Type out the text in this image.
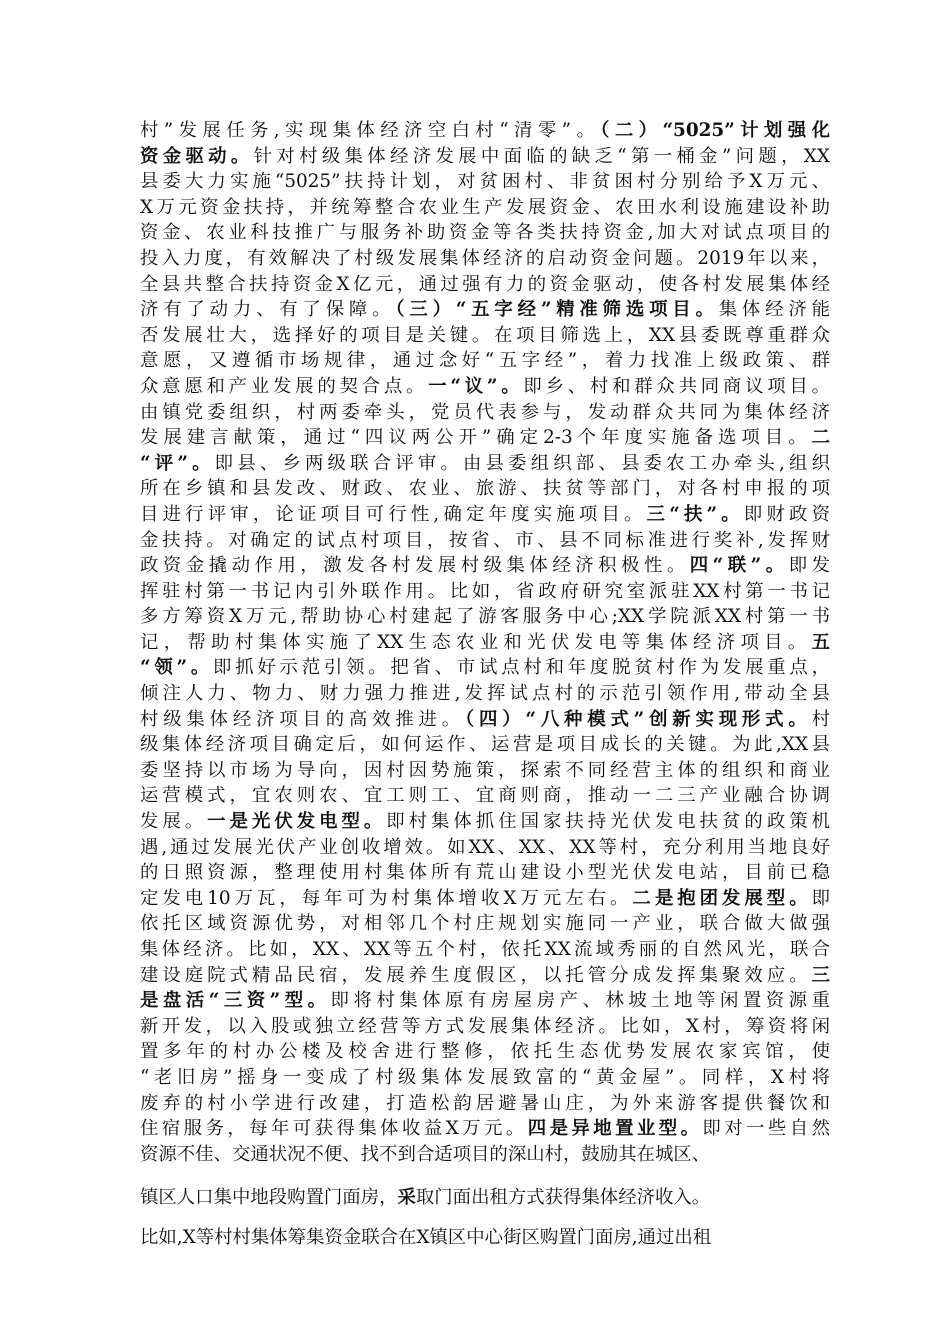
村”发展任务,实现集体经济空白村“清零”。（二）“5025”计划强化
资金驱动。针对村级集体经济发展中面临的缺乏“第一桶金”问题，XX
县委大力实施“5025”扶持计划，对贫困村、非贫困村分别给予X万元、
X万元资金扶持，并统筹整合农业生产发展资金、农田水利设施建设补助
资金、农业科技推广与服务补助资金等各类扶持资金,加大对试点项目的
投入力度，有效解决了村级发展集体经济的启动资金问题。2019年以来，
全县共整合扶持资金X亿元，通过强有力的资金驱动，使各村发展集体经
济有了动力、有了保障。（三）“五字经”精准筛选项目。集体经济能
否发展壮大，选择好的项目是关键。在项目筛选上，XX县委既尊重群众
意愿，又遵循市场规律，通过念好“五字经”，着力找准上级政策、群
众意愿和产业发展的契合点。一“议”。即乡、村和群众共同商议项目。
由镇党委组织，村两委牵头，党员代表参与，发动群众共同为集体经济
发展建言献策，通过“四议两公开”确定2-3个年度实施备选项目。二
“评”。即县、乡两级联合评审。由县委组织部、县委农工办牵头,组织
所在乡镇和县发改、财政、农业、旅游、扶贫等部门，对各村申报的项
目进行评审，论证项目可行性,确定年度实施项目。三“扶”。即财政资
金扶持。对确定的试点村项目，按省、市、县不同标准进行奖补,发挥财
政资金撬动作用，激发各村发展村级集体经济积极性。四“联”。即发
挥驻村第一书记内引外联作用。比如，省政府研究室派驻XX村第一书记
多方筹资X万元,帮助协心村建起了游客服务中心;XX学院派XX村第一书
记，帮助村集体实施了XX生态农业和光伏发电等集体经济项目。五
“领”。即抓好示范引领。把省、市试点村和年度脱贫村作为发展重点，
倾注人力、物力、财力强力推进,发挥试点村的示范引领作用,带动全县
村级集体经济项目的高效推进。（四）“八种模式”创新实现形式。村
级集体经济项目确定后，如何运作、运营是项目成长的关键。为此,XX县
委坚持以市场为导向，因村因势施策，探索不同经营主体的组织和商业
运营模式，宜农则农、宜工则工、宜商则商，推动一二三产业融合协调
发展。一是光伏发电型。即村集体抓住国家扶持光伏发电扶贫的政策机
遇,通过发展光伏产业创收增效。如XX、XX、XX等村，充分利用当地良好
的日照资源，整理使用村集体所有荒山建设小型光伏发电站，目前已稳
定发电10万瓦，每年可为村集体增收X万元左右。二是抱团发展型。即
依托区域资源优势，对相邻几个村庄规划实施同一产业，联合做大做强
集体经济。比如，XX、XX等五个村，依托XX流域秀丽的自然风光，联合
建设庭院式精品民宿，发展养生度假区，以托管分成发挥集聚效应。三
是盘活“三资”型。即将村集体原有房屋房产、林坡土地等闲置资源重
新开发，以入股或独立经营等方式发展集体经济。比如，X村，筹资将闲
置多年的村办公楼及校舍进行整修，依托生态优势发展农家宾馆，使
“老旧房”摇身一变成了村级集体发展致富的“黄金屋”。同样，X村将
废弃的村小学进行改建，打造松韵居避暑山庄，为外来游客提供餐饮和
住宿服务，每年可获得集体收益X万元。四是异地置业型。即对一些自然
资源不佳、交通状况不便、找不到合适项目的深山村，鼓励其在城区、
镇区人口集中地段购置门面房，采取门面出租方式获得集体经济收入。
比如,X等村村集体筹集资金联合在X镇区中心街区购置门面房,通过出租
